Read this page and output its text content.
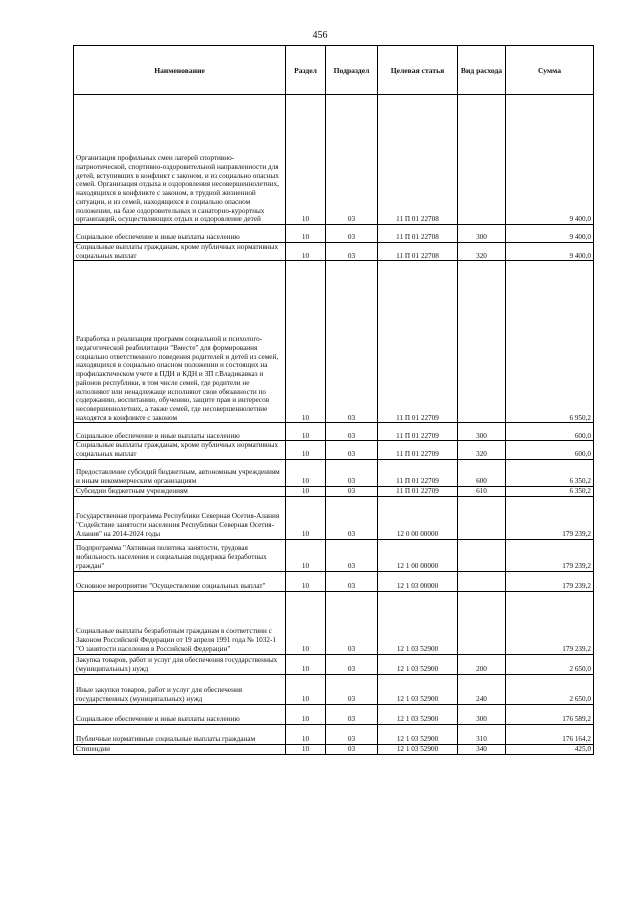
456
Наименование	Раздел	Подраздел	Целевая статья	Вид расхода	Сумма
Организация профильных смен лагерей спортивно-патриотической, спортивно-оздоровительной направленности для детей, вступивших в конфликт с законом, и из социально опасных семей. Организация отдыха и оздоровления несовершеннолетних, находящихся в конфликте с законом, в трудной жизненной ситуации, и из семей, находящихся в социально опасном положении, на базе оздоровительных и санаторно-курортных организаций, осуществляющих отдых и оздоровление детей	10	03	11 П 01 22708		9 400,0
Социальное обеспечение и иные выплаты населению	10	03	11 П 01 22708	300	9 400,0
Социальные выплаты гражданам, кроме публичных нормативных социальных выплат	10	03	11 П 01 22708	320	9 400,0
Разработка и реализация программ социальной и психолого-педагогической реабилитации "Вместе" для формирования социально ответственного поведения родителей и детей из семей, находящихся в социально опасном положении и состоящих на профилактическом учете в ПДН и КДН и ЗП г.Владикавказ и районов республики, в том числе семей, где родители не исполняют или ненадлежаще исполняют свои обязанности по содержанию, воспитанию, обучению, защите прав и интересов несовершеннолетних, а также семей, где несовершеннолетние находятся в конфликте с законом	10	03	11 П 01 22709		6 950,2
Социальное обеспечение и иные выплаты населению	10	03	11 П 01 22709	300	600,0
Социальные выплаты гражданам, кроме публичных нормативных социальных выплат	10	03	11 П 01 22709	320	600,0
Предоставление субсидий бюджетным, автономным учреждениям и иным некоммерческим организациям	10	03	11 П 01 22709	600	6 350,2
Субсидии бюджетным учреждениям	10	03	11 П 01 22709	610	6 350,2
Государственная программа Республики Северная Осетия-Алания "Содействие занятости населения Республики Северная Осетия-Алания" на 2014-2024 годы	10	03	12 0 00 00000		179 239,2
Подпрограмма "Активная политика занятости, трудовая мобильность населения и социальная поддержка безработных граждан"	10	03	12 1 00 00000		179 239,2
Основное мероприятие "Осуществление социальных выплат"	10	03	12 1 03 00000		179 239,2
Социальные выплаты безработным гражданам в соответствии с Законом Российской Федерации от 19 апреля 1991 года № 1032-1 "О занятости населения в Российской Федерации"	10	03	12 1 03 52900		179 239,2
Закупка товаров, работ и услуг для обеспечения государственных (муниципальных) нужд	10	03	12 1 03 52900	200	2 650,0
Иные закупки товаров, работ и услуг для обеспечения государственных (муниципальных) нужд	10	03	12 1 03 52900	240	2 650,0
Социальное обеспечение и иные выплаты населению	10	03	12 1 03 52900	300	176 589,2
Публичные нормативные социальные выплаты гражданам	10	03	12 1 03 52900	310	176 164,2
Стипендии	10	03	12 1 03 52900	340	425,0
